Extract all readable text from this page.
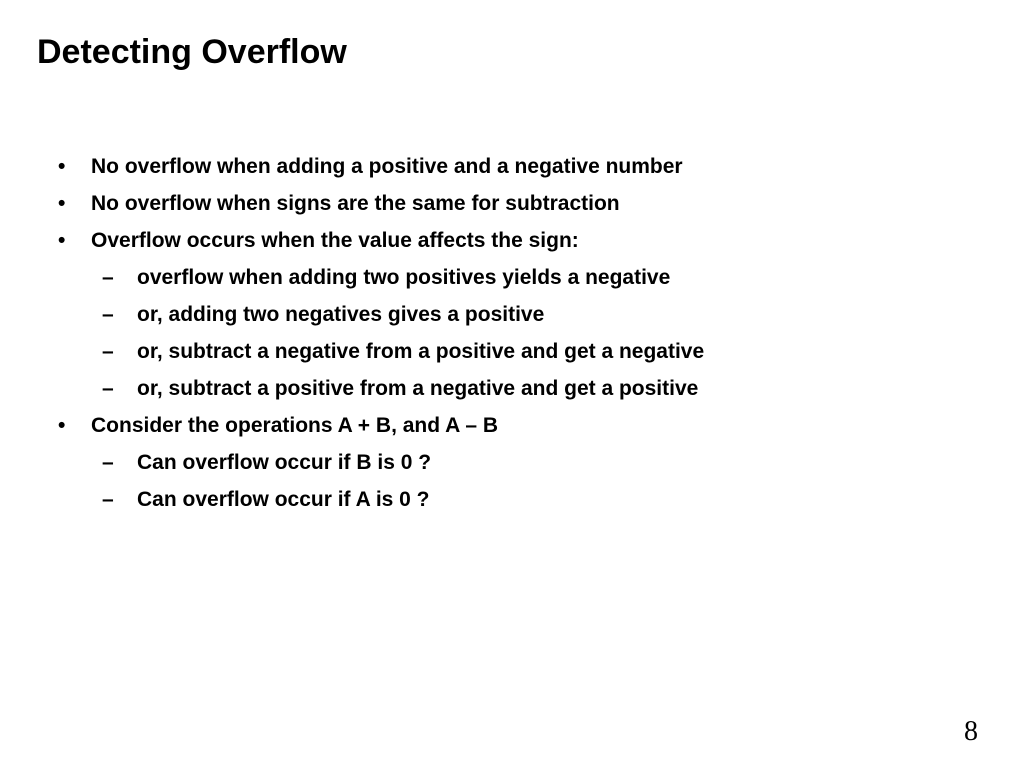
Detecting Overflow
•	No overflow when adding a positive and a negative number
•	No overflow when signs are the same for subtraction
•	Overflow occurs when the value affects the sign:
–	overflow when adding two positives yields a negative
–	or, adding two negatives gives a positive
–	or, subtract a negative from a positive and get a negative
–	or, subtract a positive from a negative and get a positive
•	Consider the operations A + B, and A – B
–	Can overflow occur if B is 0 ?
–	Can overflow occur if A is 0 ?
8
